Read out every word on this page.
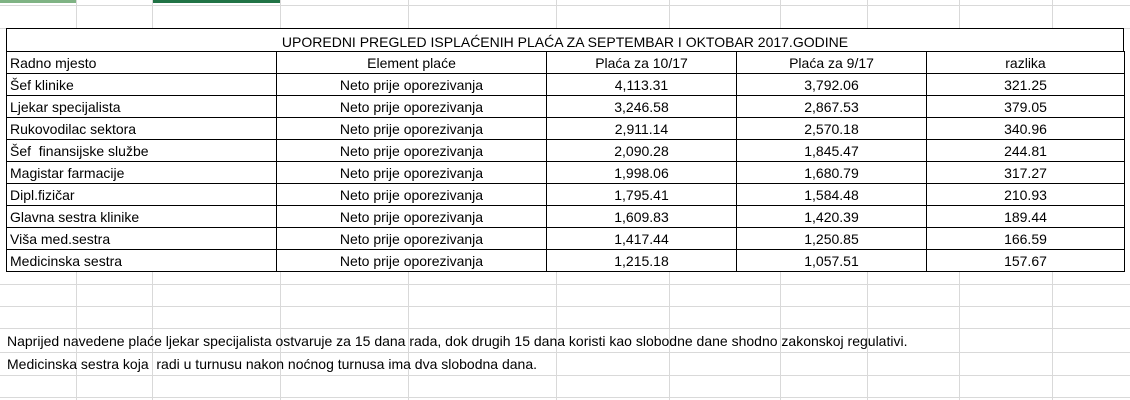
UPOREDNI PREGLED ISPLAĆENIH PLAĆA ZA SEPTEMBAR I OKTOBAR 2017.GODINE
Radno mjesto	Element plaće	Plaća za 10/17	Plaća za 9/17	razlika
Šef klinike	Neto prije oporezivanja	4,113.31	3,792.06	321.25
Ljekar specijalista	Neto prije oporezivanja	3,246.58	2,867.53	379.05
Rukovodilac sektora	Neto prije oporezivanja	2,911.14	2,570.18	340.96
Šef  finansijske službe	Neto prije oporezivanja	2,090.28	1,845.47	244.81
Magistar farmacije	Neto prije oporezivanja	1,998.06	1,680.79	317.27
Dipl.fizičar	Neto prije oporezivanja	1,795.41	1,584.48	210.93
Glavna sestra klinike	Neto prije oporezivanja	1,609.83	1,420.39	189.44
Viša med.sestra	Neto prije oporezivanja	1,417.44	1,250.85	166.59
Medicinska sestra	Neto prije oporezivanja	1,215.18	1,057.51	157.67
Naprijed navedene plaće ljekar specijalista ostvaruje za 15 dana rada, dok drugih 15 dana koristi kao slobodne dane shodno zakonskoj regulativi.
Medicinska sestra koja  radi u turnusu nakon noćnog turnusa ima dva slobodna dana.
